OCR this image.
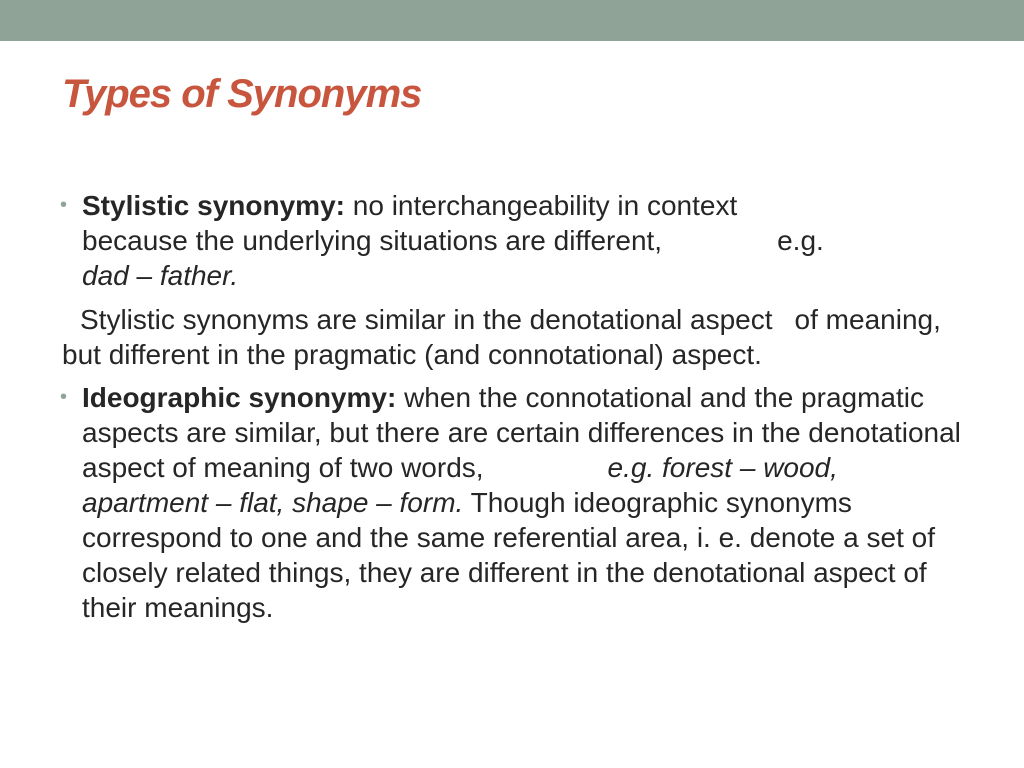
Types of Synonyms

• Stylistic synonymy: no interchangeability in context
because the underlying situations are different,	e.g.
dad – father.

Stylistic synonyms are similar in the denotational aspect of meaning, but different in the pragmatic (and connotational) aspect.

• Ideographic synonymy: when the connotational and the pragmatic aspects are similar, but there are certain differences in the denotational aspect of meaning of two words,	e.g. forest – wood, apartment – flat, shape – form. Though ideographic synonyms correspond to one and the same referential area, i. e. denote a set of closely related things, they are different in the denotational aspect of their meanings.
